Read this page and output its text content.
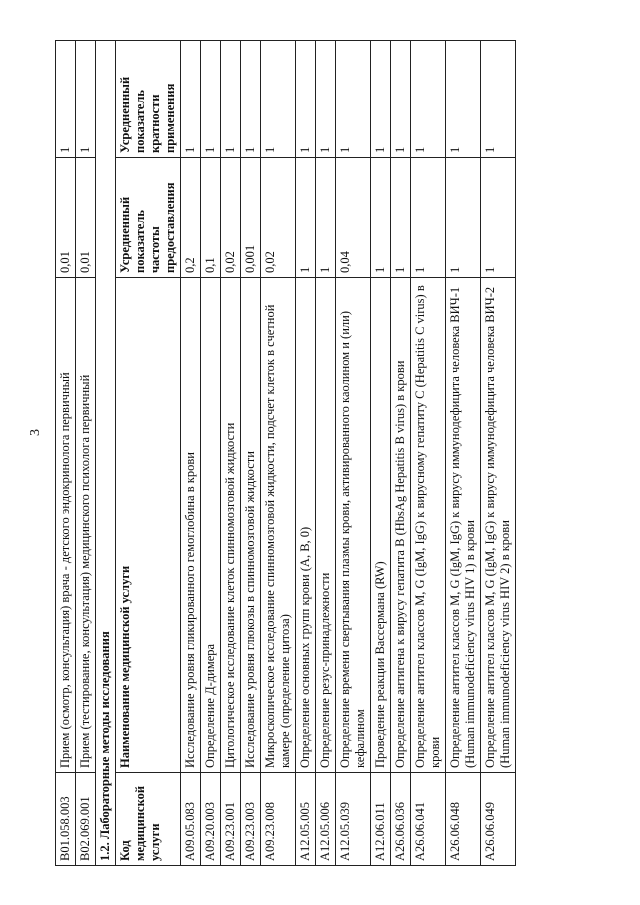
3
B01.058.003	Прием (осмотр, консультация) врача - детского эндокринолога первичный	0,01	1
B02.069.001	Прием (тестирование, консультация) медицинского психолога первичный	0,01	1
1.2. Лабораторные методы исследования			
Код медицинской услуги	Наименование медицинской услуги	Усредненный показатель частоты предоставления	Усредненный показатель кратности применения
A09.05.083	Исследование уровня гликированного гемоглобина в крови	0,2	1
A09.20.003	Определение Д-димера	0,1	1
A09.23.001	Цитологическое исследование клеток спинномозговой жидкости	0,02	1
A09.23.003	Исследование уровня глюкозы в спинномозговой жидкости	0,001	1
A09.23.008	Микроскопическое исследование спинномозговой жидкости, подсчет клеток в счетной камере (определение цитоза)	0,02	1
A12.05.005	Определение основных групп крови (A, B, 0)	1	1
A12.05.006	Определение резус-принадлежности	1	1
A12.05.039	Определение времени свертывания плазмы крови, активированного каолином и (или) кефалином	0,04	1
A12.06.011	Проведение реакции Вассермана (RW)	1	1
A26.06.036	Определение антигена к вирусу гепатита B (HbsAg Hepatitis B virus) в крови	1	1
A26.06.041	Определение антител классов M, G (IgM, IgG) к вирусному гепатиту C (Hepatitis C virus) в крови	1	1
A26.06.048	Определение антител классов M, G (IgM, IgG) к вирусу иммунодефицита человека ВИЧ-1 (Human immunodeficiency virus HIV 1) в крови	1	1
A26.06.049	Определение антител классов M, G (IgM, IgG) к вирусу иммунодефицита человека ВИЧ-2 (Human immunodeficiency virus HIV 2) в крови	1	1
